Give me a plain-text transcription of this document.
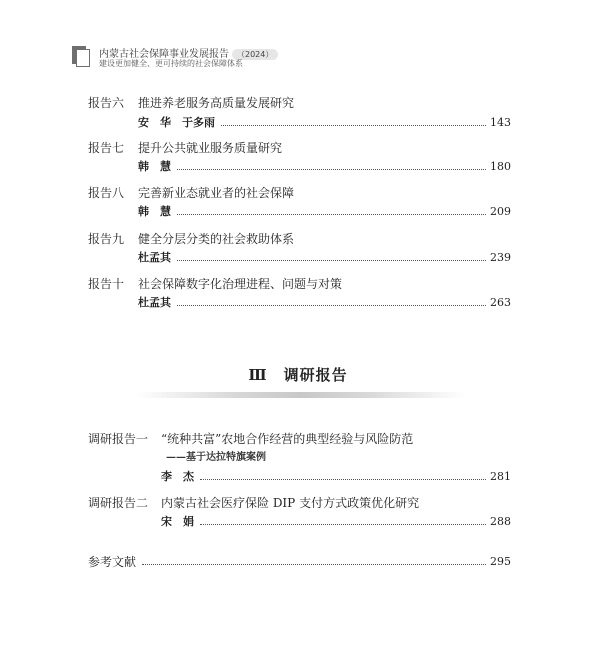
内蒙古社会保障事业发展报告 （2024）
建设更加健全、更可持续的社会保障体系
报告六 推进养老服务高质量发展研究
安　华　于多雨	143
报告七 提升公共就业服务质量研究
韩　慧	180
报告八 完善新业态就业者的社会保障
韩　慧	209
报告九 健全分层分类的社会救助体系
杜孟其	239
报告十 社会保障数字化治理进程、问题与对策
杜孟其	263
Ⅲ　调研报告
调研报告一 “统种共富”农地合作经营的典型经验与风险防范
——基于达拉特旗案例
李　杰	281
调研报告二 内蒙古社会医疗保险 DIP 支付方式政策优化研究
宋　娟	288
参考文献	295
